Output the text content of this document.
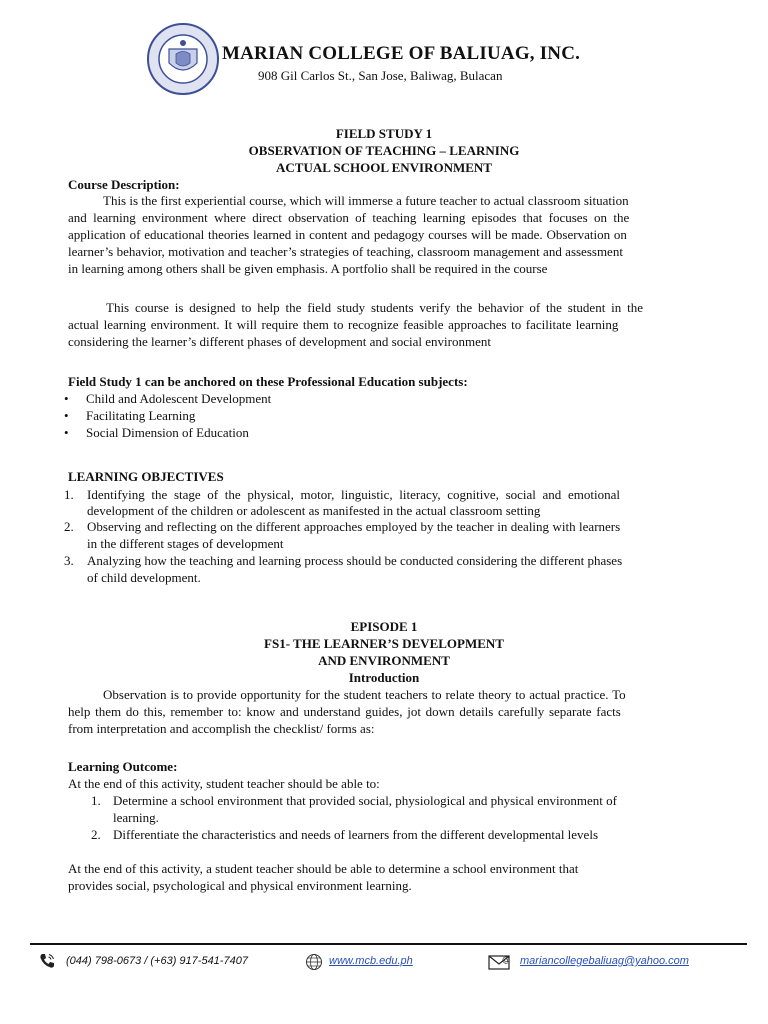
MARIAN COLLEGE OF BALIUAG, INC.
908 Gil Carlos St., San Jose, Baliwag, Bulacan
FIELD STUDY 1
OBSERVATION OF TEACHING – LEARNING
ACTUAL SCHOOL ENVIRONMENT
Course Description:
This is the first experiential course, which will immerse a future teacher to actual classroom situation
and learning environment where direct observation of teaching learning episodes that focuses on the
application of educational theories learned in content and pedagogy courses will be made. Observation on
learner’s behavior, motivation and teacher’s strategies of teaching, classroom management and assessment
in learning among others shall be given emphasis. A portfolio shall be required in the course
This course is designed to help the field study students verify the behavior of the student in the
actual learning environment. It will require them to recognize feasible approaches to facilitate learning
considering the learner’s different phases of development and social environment
Field Study 1 can be anchored on these Professional Education subjects:
• Child and Adolescent Development
• Facilitating Learning
• Social Dimension of Education
LEARNING OBJECTIVES
1. Identifying the stage of the physical, motor, linguistic, literacy, cognitive, social and emotional
development of the children or adolescent as manifested in the actual classroom setting
2. Observing and reflecting on the different approaches employed by the teacher in dealing with learners
in the different stages of development
3. Analyzing how the teaching and learning process should be conducted considering the different phases
of child development.
EPISODE 1
FS1- THE LEARNER’S DEVELOPMENT
AND ENVIRONMENT
Introduction
Observation is to provide opportunity for the student teachers to relate theory to actual practice. To
help them do this, remember to: know and understand guides, jot down details carefully separate facts
from interpretation and accomplish the checklist/ forms as:
Learning Outcome:
At the end of this activity, student teacher should be able to:
1. Determine a school environment that provided social, physiological and physical environment of
learning.
2. Differentiate the characteristics and needs of learners from the different developmental levels
At the end of this activity, a student teacher should be able to determine a school environment that
provides social, psychological and physical environment learning.
(044) 798-0673 / (+63) 917-541-7407	www.mcb.edu.ph	@ mariancollegebaliuag@yahoo.com
